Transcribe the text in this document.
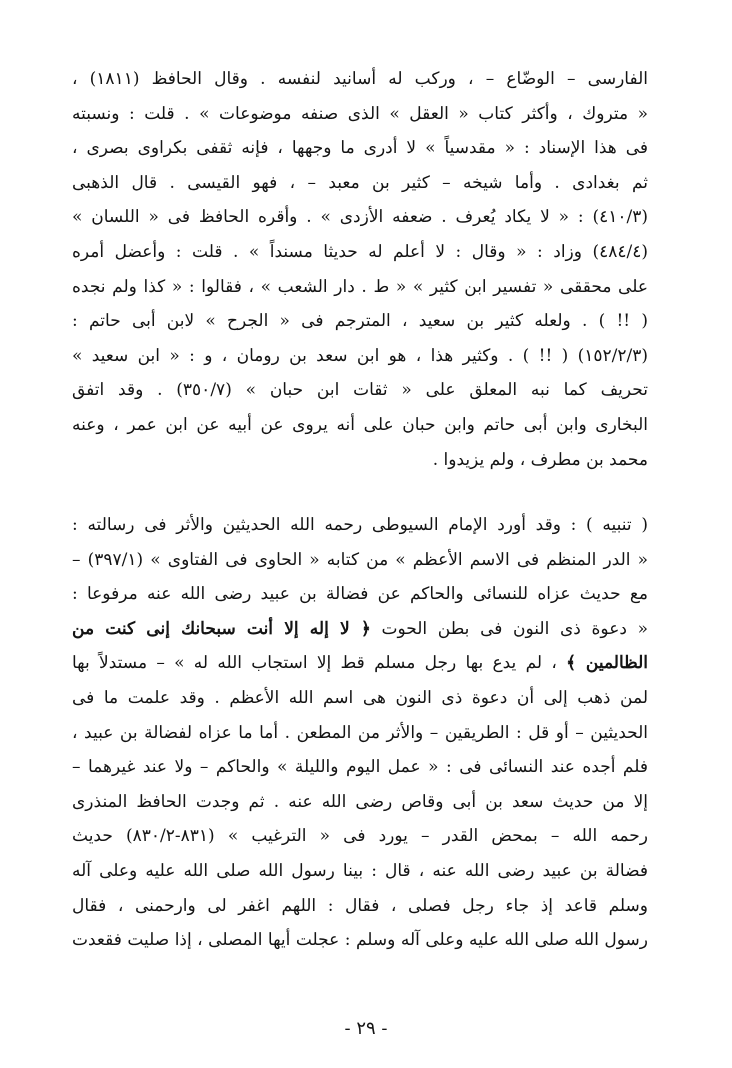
الفارسى – الوضّاع – ، وركب له أسانيد لنفسه . وقال الحافظ (١٨١١) ،
« متروك ، وأكثر كتاب « العقل » الذى صنفه موضوعات » . قلت : ونسبته
فى هذا الإسناد : « مقدسياً » لا أدرى ما وجهها ، فإنه ثقفى بكراوى بصرى ،
ثم بغدادى . وأما شيخه – كثير بن معبد – ، فهو القيسى . قال الذهبى
(٤١٠/٣) : « لا يكاد يُعرف . ضعفه الأزدى » . وأقره الحافظ فى « اللسان »
(٤٨٤/٤) وزاد : « وقال : لا أعلم له حديثا مسنداً » . قلت : وأعضل أمره
على محققى « تفسير ابن كثير » « ط . دار الشعب » ، فقالوا : « كذا ولم نجده
( !! ) . ولعله كثير بن سعيد ، المترجم فى « الجرح » لابن أبى حاتم :
(١٥٢/٢/٣) ( !! ) . وكثير هذا ، هو ابن سعد بن رومان ، و : « ابن سعيد »
تحريف كما نبه المعلق على « ثقات ابن حبان » (٣٥٠/٧) . وقد اتفق
البخارى وابن أبى حاتم وابن حبان على أنه يروى عن أبيه عن ابن عمر ، وعنه
محمد بن مطرف ، ولم يزيدوا .
( تنبيه ) : وقد أورد الإمام السيوطى رحمه الله الحديثين والأثر فى رسالته :
« الدر المنظم فى الاسم الأعظم » من كتابه « الحاوى فى الفتاوى » (٣٩٧/١) –
مع حديث عزاه للنسائى والحاكم عن فضالة بن عبيد رضى الله عنه مرفوعا :
« دعوة ذى النون فى بطن الحوت ﴿ لا إله إلا أنت سبحانك إنى كنت من
الظالمين ﴾ ، لم يدع بها رجل مسلم قط إلا استجاب الله له » – مستدلاً بها
لمن ذهب إلى أن دعوة ذى النون هى اسم الله الأعظم . وقد علمت ما فى
الحديثين – أو قل : الطريقين – والأثر من المطعن . أما ما عزاه لفضالة بن عبيد ،
فلم أجده عند النسائى فى : « عمل اليوم والليلة » والحاكم – ولا عند غيرهما –
إلا من حديث سعد بن أبى وقاص رضى الله عنه . ثم وجدت الحافظ المنذرى
رحمه الله – بمحض القدر – يورد فى « الترغيب » (٨٣١-٨٣٠/٢) حديث
فضالة بن عبيد رضى الله عنه ، قال : بينا رسول الله صلى الله عليه وعلى آله
وسلم قاعد إذ جاء رجل فصلى ، فقال : اللهم اغفر لى وارحمنى ، فقال
رسول الله صلى الله عليه وعلى آله وسلم : عجلت أيها المصلى ، إذا صليت فقعدت
- ٢٩ -
